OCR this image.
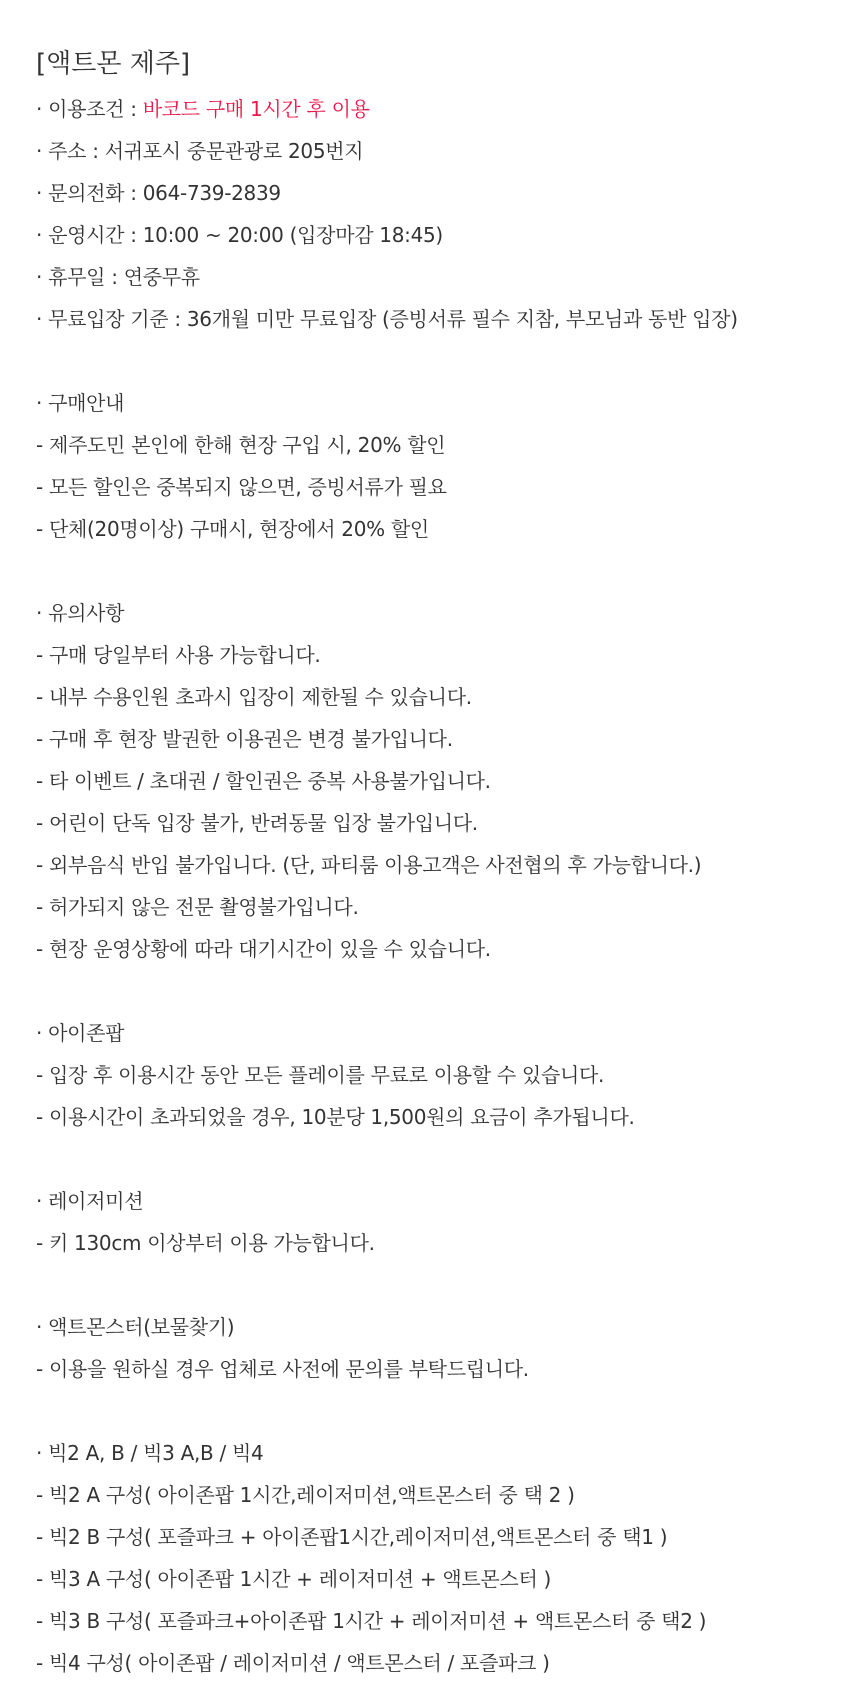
[액트몬 제주]
· 이용조건 : 바코드 구매 1시간 후 이용
· 주소 : 서귀포시 중문관광로 205번지
· 문의전화 : 064-739-2839
· 운영시간 : 10:00 ~ 20:00 (입장마감 18:45)
· 휴무일 : 연중무휴
· 무료입장 기준 : 36개월 미만 무료입장 (증빙서류 필수 지참, 부모님과 동반 입장)
· 구매안내
- 제주도민 본인에 한해 현장 구입 시, 20% 할인
- 모든 할인은 중복되지 않으면, 증빙서류가 필요
- 단체(20명이상) 구매시, 현장에서 20% 할인
· 유의사항
- 구매 당일부터 사용 가능합니다.
- 내부 수용인원 초과시 입장이 제한될 수 있습니다.
- 구매 후 현장 발권한 이용권은 변경 불가입니다.
- 타 이벤트 / 초대권 / 할인권은 중복 사용불가입니다.
- 어린이 단독 입장 불가, 반려동물 입장 불가입니다.
- 외부음식 반입 불가입니다. (단, 파티룸 이용고객은 사전협의 후 가능합니다.)
- 허가되지 않은 전문 촬영불가입니다.
- 현장 운영상황에 따라 대기시간이 있을 수 있습니다.
· 아이존팝
- 입장 후 이용시간 동안 모든 플레이를 무료로 이용할 수 있습니다.
- 이용시간이 초과되었을 경우, 10분당 1,500원의 요금이 추가됩니다.
· 레이저미션
- 키 130cm 이상부터 이용 가능합니다.
· 액트몬스터(보물찾기)
- 이용을 원하실 경우 업체로 사전에 문의를 부탁드립니다.
· 빅2 A, B / 빅3 A,B / 빅4
- 빅2 A 구성( 아이존팝 1시간,레이저미션,액트몬스터 중 택 2 )
- 빅2 B 구성( 포즐파크 + 아이존팝1시간,레이저미션,액트몬스터 중 택1 )
- 빅3 A 구성( 아이존팝 1시간 + 레이저미션 + 액트몬스터 )
- 빅3 B 구성( 포즐파크+아이존팝 1시간 + 레이저미션 + 액트몬스터 중 택2 )
- 빅4 구성( 아이존팝 / 레이저미션 / 액트몬스터 / 포즐파크 )
